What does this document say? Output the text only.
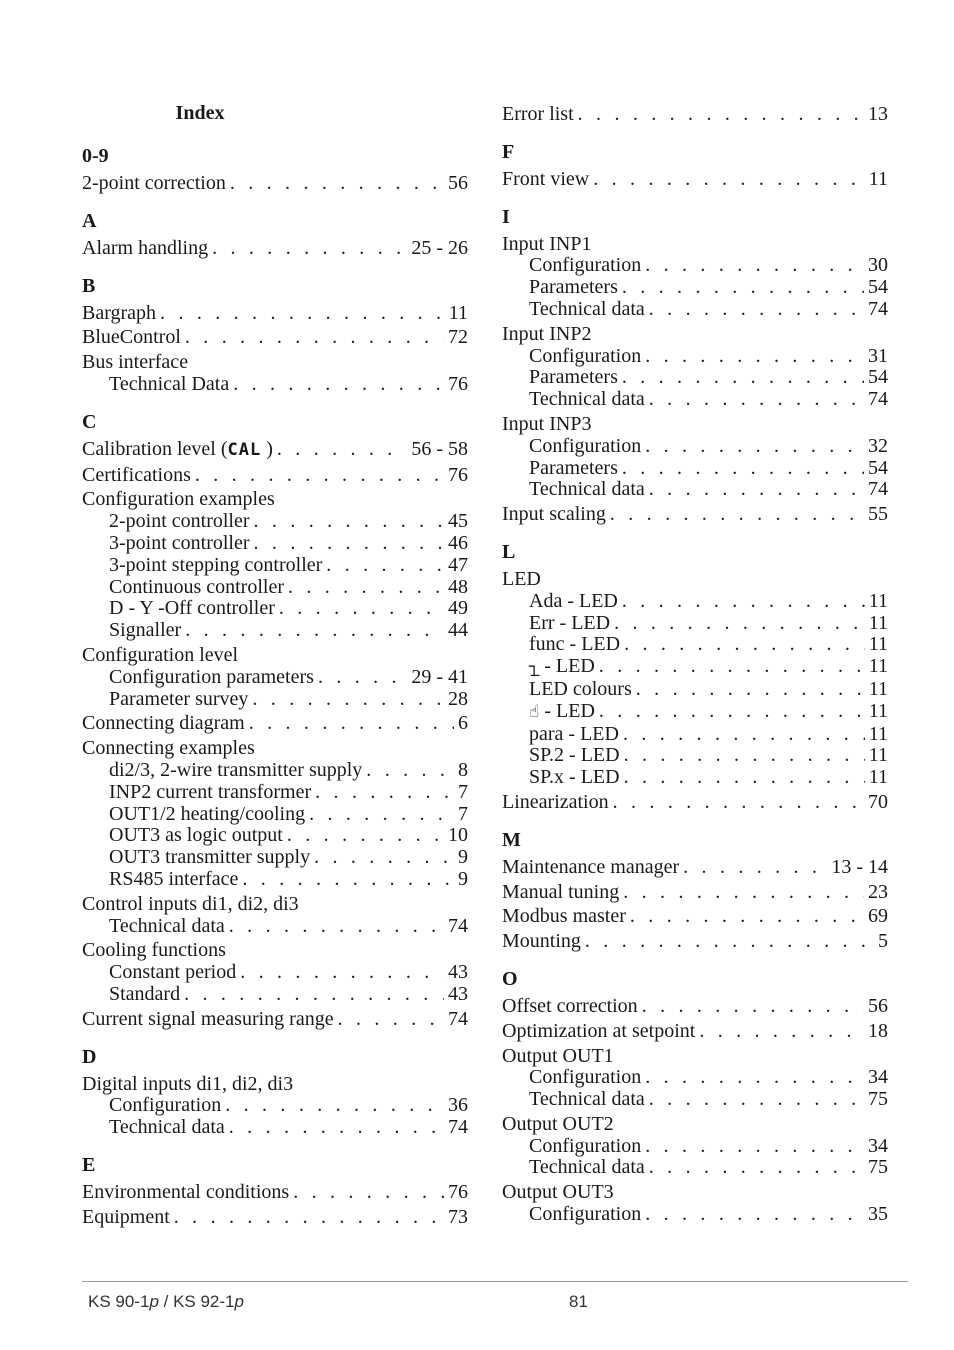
Index
0-9
2-point correction . . .	56
A
Alarm handling . . .	25 - 26
B
Bargraph . . .	11
BlueControl . . .	72
Bus interface
Technical Data . . .	76
C
Calibration level (CAL ) . . .	56 - 58
Certifications . . .	76
Configuration examples
2-point controller . . .	45
3-point controller . . .	46
3-point stepping controller . . .	47
Continuous controller . . .	48
D - Y -Off controller . . .	49
Signaller . . .	44
Configuration level
Configuration parameters . . .	29 - 41
Parameter survey . . .	28
Connecting diagram . . .	6
Connecting examples
di2/3, 2-wire transmitter supply . . .	8
INP2 current transformer . . .	7
OUT1/2 heating/cooling . . .	7
OUT3 as logic output . . .	10
OUT3 transmitter supply . . .	9
RS485 interface . . .	9
Control inputs di1, di2, di3
Technical data . . .	74
Cooling functions
Constant period . . .	43
Standard . . .	43
Current signal measuring range . . .	74
D
Digital inputs di1, di2, di3
Configuration . . .	36
Technical data . . .	74
E
Environmental conditions . . .	76
Equipment . . .	73
Error list . . .	13
F
Front view . . .	11
I
Input INP1
Configuration . . .	30
Parameters . . .	54
Technical data . . .	74
Input INP2
Configuration . . .	31
Parameters . . .	54
Technical data . . .	74
Input INP3
Configuration . . .	32
Parameters . . .	54
Technical data . . .	74
Input scaling . . .	55
L
LED
Ada - LED . . .	11
Err - LED . . .	11
func - LED . . .	11
┐̲ - LED . . .	11
LED colours . . .	11
☝ - LED . . .	11
para - LED . . .	11
SP.2 - LED . . .	11
SP.x - LED . . .	11
Linearization . . .	70
M
Maintenance manager . . .	13 - 14
Manual tuning . . .	23
Modbus master . . .	69
Mounting . . .	5
O
Offset correction . . .	56
Optimization at setpoint . . .	18
Output OUT1
Configuration . . .	34
Technical data . . .	75
Output OUT2
Configuration . . .	34
Technical data . . .	75
Output OUT3
Configuration . . .	35
KS 90-1p / KS 92-1p	81
